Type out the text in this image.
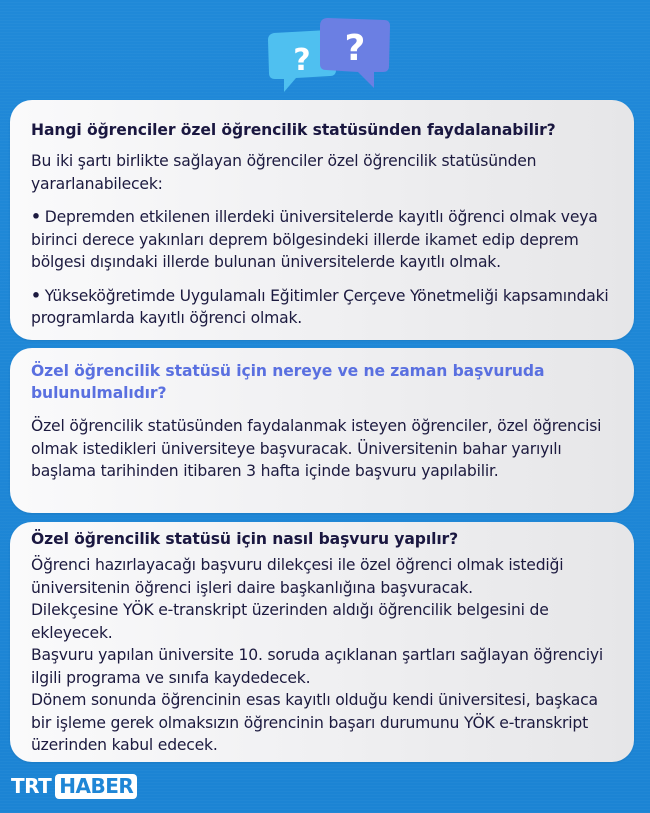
? ?
Hangi öğrenciler özel öğrencilik statüsünden faydalanabilir?

Bu iki şartı birlikte sağlayan öğrenciler özel öğrencilik statüsünden yararlanabilecek:

• Depremden etkilenen illerdeki üniversitelerde kayıtlı öğrenci olmak veya birinci derece yakınları deprem bölgesindeki illerde ikamet edip deprem bölgesi dışındaki illerde bulunan üniversitelerde kayıtlı olmak.

• Yükseköğretimde Uygulamalı Eğitimler Çerçeve Yönetmeliği kapsamındaki programlarda kayıtlı öğrenci olmak.

Özel öğrencilik statüsü için nereye ve ne zaman başvuruda bulunulmalıdır?

Özel öğrencilik statüsünden faydalanmak isteyen öğrenciler, özel öğrencisi olmak istedikleri üniversiteye başvuracak. Üniversitenin bahar yarıyılı başlama tarihinden itibaren 3 hafta içinde başvuru yapılabilir.

Özel öğrencilik statüsü için nasıl başvuru yapılır?
Öğrenci hazırlayacağı başvuru dilekçesi ile özel öğrenci olmak istediği üniversitenin öğrenci işleri daire başkanlığına başvuracak.
Dilekçesine YÖK e-transkript üzerinden aldığı öğrencilik belgesini de ekleyecek.
Başvuru yapılan üniversite 10. soruda açıklanan şartları sağlayan öğrenciyi ilgili programa ve sınıfa kaydedecek.
Dönem sonunda öğrencinin esas kayıtlı olduğu kendi üniversitesi, başkaca bir işleme gerek olmaksızın öğrencinin başarı durumunu YÖK e-transkript üzerinden kabul edecek.
TRT HABER
